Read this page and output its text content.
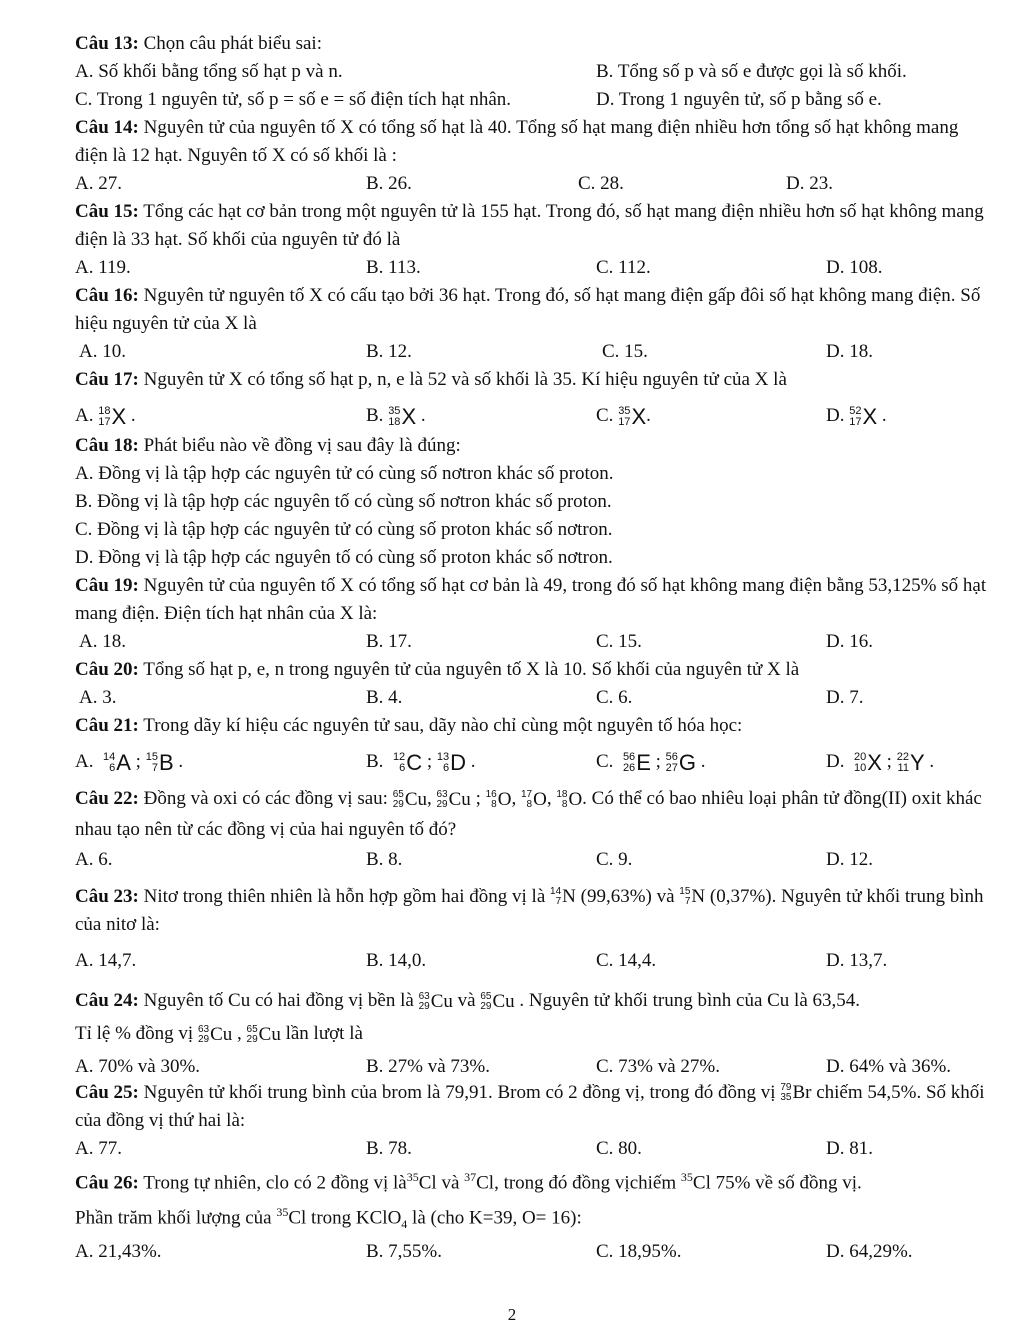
Câu 13: Chọn câu phát biểu sai:
A. Số khối bằng tổng số hạt p và n.	B. Tổng số p và số e được gọi là số khối.
C. Trong 1 nguyên tử, số p = số e = số điện tích hạt nhân.	D. Trong 1 nguyên tử, số p bằng số e.
Câu 14: Nguyên tử của nguyên tố X có tổng số hạt là 40. Tổng số hạt mang điện nhiều hơn tổng số hạt không mang điện là 12 hạt. Nguyên tố X có số khối là :
A. 27.	B. 26.	C. 28.	D. 23.
Câu 15: Tổng các hạt cơ bản trong một nguyên tử là 155 hạt. Trong đó, số hạt mang điện nhiều hơn số hạt không mang điện là 33 hạt. Số khối của nguyên tử đó là
A. 119.	B. 113.	C. 112.	D. 108.
Câu 16: Nguyên tử nguyên tố X có cấu tạo bởi 36 hạt. Trong đó, số hạt mang điện gấp đôi số hạt không mang điện. Số hiệu nguyên tử của X là
A. 10.	B. 12.	C. 15.	D. 18.
Câu 17: Nguyên tử X có tổng số hạt p, n, e là 52 và số khối là 35. Kí hiệu nguyên tử của X là
A. 18
17 X .	B. 35
18 X .	C. 35
17 X.	D. 52
17 X .
Câu 18: Phát biểu nào về đồng vị sau đây là đúng:
A. Đồng vị là tập hợp các nguyên tử có cùng số nơtron khác số proton.
B. Đồng vị là tập hợp các nguyên tố có cùng số nơtron khác số proton.
C. Đồng vị là tập hợp các nguyên tử có cùng số proton khác số nơtron.
D. Đồng vị là tập hợp các nguyên tố có cùng số proton khác số nơtron.
Câu 19: Nguyên tử của nguyên tố X có tổng số hạt cơ bản là 49, trong đó số hạt không mang điện bằng 53,125% số hạt mang điện. Điện tích hạt nhân của X là:
A. 18.	B. 17.	C. 15.	D. 16.
Câu 20: Tổng số hạt p, e, n trong nguyên tử của nguyên tố X là 10. Số khối của nguyên tử X là
A. 3.	B. 4.	C. 6.	D. 7.
Câu 21: Trong dãy kí hiệu các nguyên tử sau, dãy nào chỉ cùng một nguyên tố hóa học:
A. 14
6 A ; 15
7 B .	B. 12
6 C ; 13
6 D .	C. 56
26 E ; 56
27 G .	D. 20
10 X ; 22
11 Y .
Câu 22: Đồng và oxi có các đồng vị sau: 65
29 Cu, 63
29 Cu ; 16
8 O, 17
8 O, 18
8 O. Có thể có bao nhiêu loại phân tử đồng(II) oxit khác nhau tạo nên từ các đồng vị của hai nguyên tố đó?
A. 6.	B. 8.	C. 9.	D. 12.
Câu 23: Nitơ trong thiên nhiên là hỗn hợp gồm hai đồng vị là 14
7 N (99,63%) và 15
7 N (0,37%). Nguyên tử khối trung bình của nitơ là:
A. 14,7.	B. 14,0.	C. 14,4.	D. 13,7.
Câu 24: Nguyên tố Cu có hai đồng vị bền là 63
29 Cu và 65
29 Cu . Nguyên tử khối trung bình của Cu là 63,54.
Tỉ lệ % đồng vị 63
29 Cu , 65
29 Cu lần lượt là
A. 70% và 30%.	B. 27% và 73%.	C. 73% và 27%.	D. 64% và 36%.
Câu 25: Nguyên tử khối trung bình của brom là 79,91. Brom có 2 đồng vị, trong đó đồng vị 79
35 Br chiếm 54,5%. Số khối của đồng vị thứ hai là:
A. 77.	B. 78.	C. 80.	D. 81.
Câu 26: Trong tự nhiên, clo có 2 đồng vị $là^{35}Cl$ và $^{37}$Cl, trong đó đồng vịchiếm $^{35}$Cl 75% về số đồng vị.
Phần trăm khối lượng của $^{35}$Cl trong KClO$_4$ là (cho K=39, O= 16):
A. 21,43%.	B. 7,55%.	C. 18,95%.	D. 64,29%.
2
